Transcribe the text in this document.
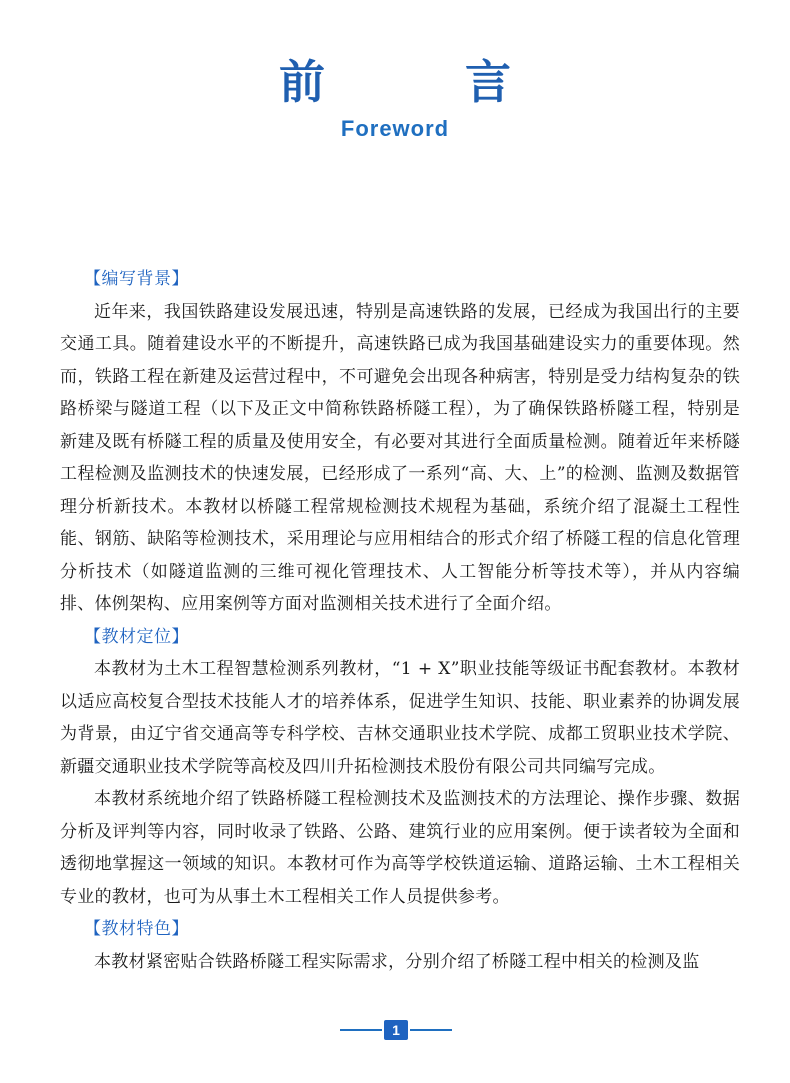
前 言
Foreword
【编写背景】

近年来，我国铁路建设发展迅速，特别是高速铁路的发展，已经成为我国出行的主要交通工具。随着建设水平的不断提升，高速铁路已成为我国基础建设实力的重要体现。然而，铁路工程在新建及运营过程中，不可避免会出现各种病害，特别是受力结构复杂的铁路桥梁与隧道工程（以下及正文中简称铁路桥隧工程），为了确保铁路桥隧工程，特别是新建及既有桥隧工程的质量及使用安全，有必要对其进行全面质量检测。随着近年来桥隧工程检测及监测技术的快速发展，已经形成了一系列“高、大、上”的检测、监测及数据管理分析新技术。本教材以桥隧工程常规检测技术规程为基础，系统介绍了混凝土工程性能、钢筋、缺陷等检测技术，采用理论与应用相结合的形式介绍了桥隧工程的信息化管理分析技术（如隧道监测的三维可视化管理技术、人工智能分析等技术等），并从内容编排、体例架构、应用案例等方面对监测相关技术进行了全面介绍。

【教材定位】

本教材为土木工程智慧检测系列教材，“1 + X”职业技能等级证书配套教材。本教材以适应高校复合型技术技能人才的培养体系，促进学生知识、技能、职业素养的协调发展为背景，由辽宁省交通高等专科学校、吉林交通职业技术学院、成都工贸职业技术学院、新疆交通职业技术学院等高校及四川升拓检测技术股份有限公司共同编写完成。

本教材系统地介绍了铁路桥隧工程检测技术及监测技术的方法理论、操作步骤、数据分析及评判等内容，同时收录了铁路、公路、建筑行业的应用案例。便于读者较为全面和透彻地掌握这一领域的知识。本教材可作为高等学校铁道运输、道路运输、土木工程相关专业的教材，也可为从事土木工程相关工作人员提供参考。

【教材特色】

本教材紧密贴合铁路桥隧工程实际需求，分别介绍了桥隧工程中相关的检测及监

1
